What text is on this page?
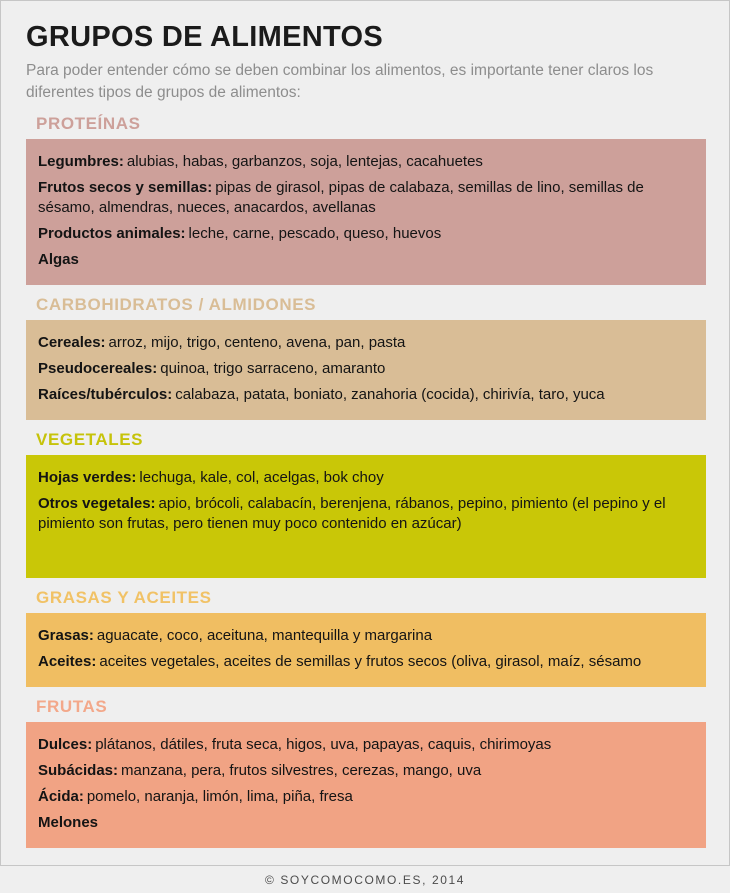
GRUPOS DE ALIMENTOS

Para poder entender cómo se deben combinar los alimentos, es importante tener claros los diferentes tipos de grupos de alimentos:

PROTEÍNAS

Legumbres: alubias, habas, garbanzos, soja, lentejas, cacahuetes

Frutos secos y semillas: pipas de girasol, pipas de calabaza, semillas de lino, semillas de sésamo, almendras, nueces, anacardos, avellanas

Productos animales: leche, carne, pescado, queso, huevos

Algas

CARBOHIDRATOS / ALMIDONES

Cereales: arroz, mijo, trigo, centeno, avena, pan, pasta

Pseudocereales: quinoa, trigo sarraceno, amaranto

Raíces/tubérculos: calabaza, patata, boniato, zanahoria (cocida), chirivía, taro, yuca

VEGETALES

Hojas verdes: lechuga, kale, col, acelgas, bok choy

Otros vegetales: apio, brócoli, calabacín, berenjena, rábanos, pepino, pimiento (el pepino y el pimiento son frutas, pero tienen muy poco contenido en azúcar)

GRASAS Y ACEITES

Grasas: aguacate, coco, aceituna, mantequilla y margarina

Aceites: aceites vegetales, aceites de semillas y frutos secos (oliva, girasol, maíz, sésamo

FRUTAS

Dulces: plátanos, dátiles, fruta seca, higos, uva, papayas, caquis, chirimoyas

Subácidas: manzana, pera, frutos silvestres, cerezas, mango, uva

Ácida: pomelo, naranja, limón, lima, piña, fresa

Melones

© SOYCOMOCOMO.ES, 2014
